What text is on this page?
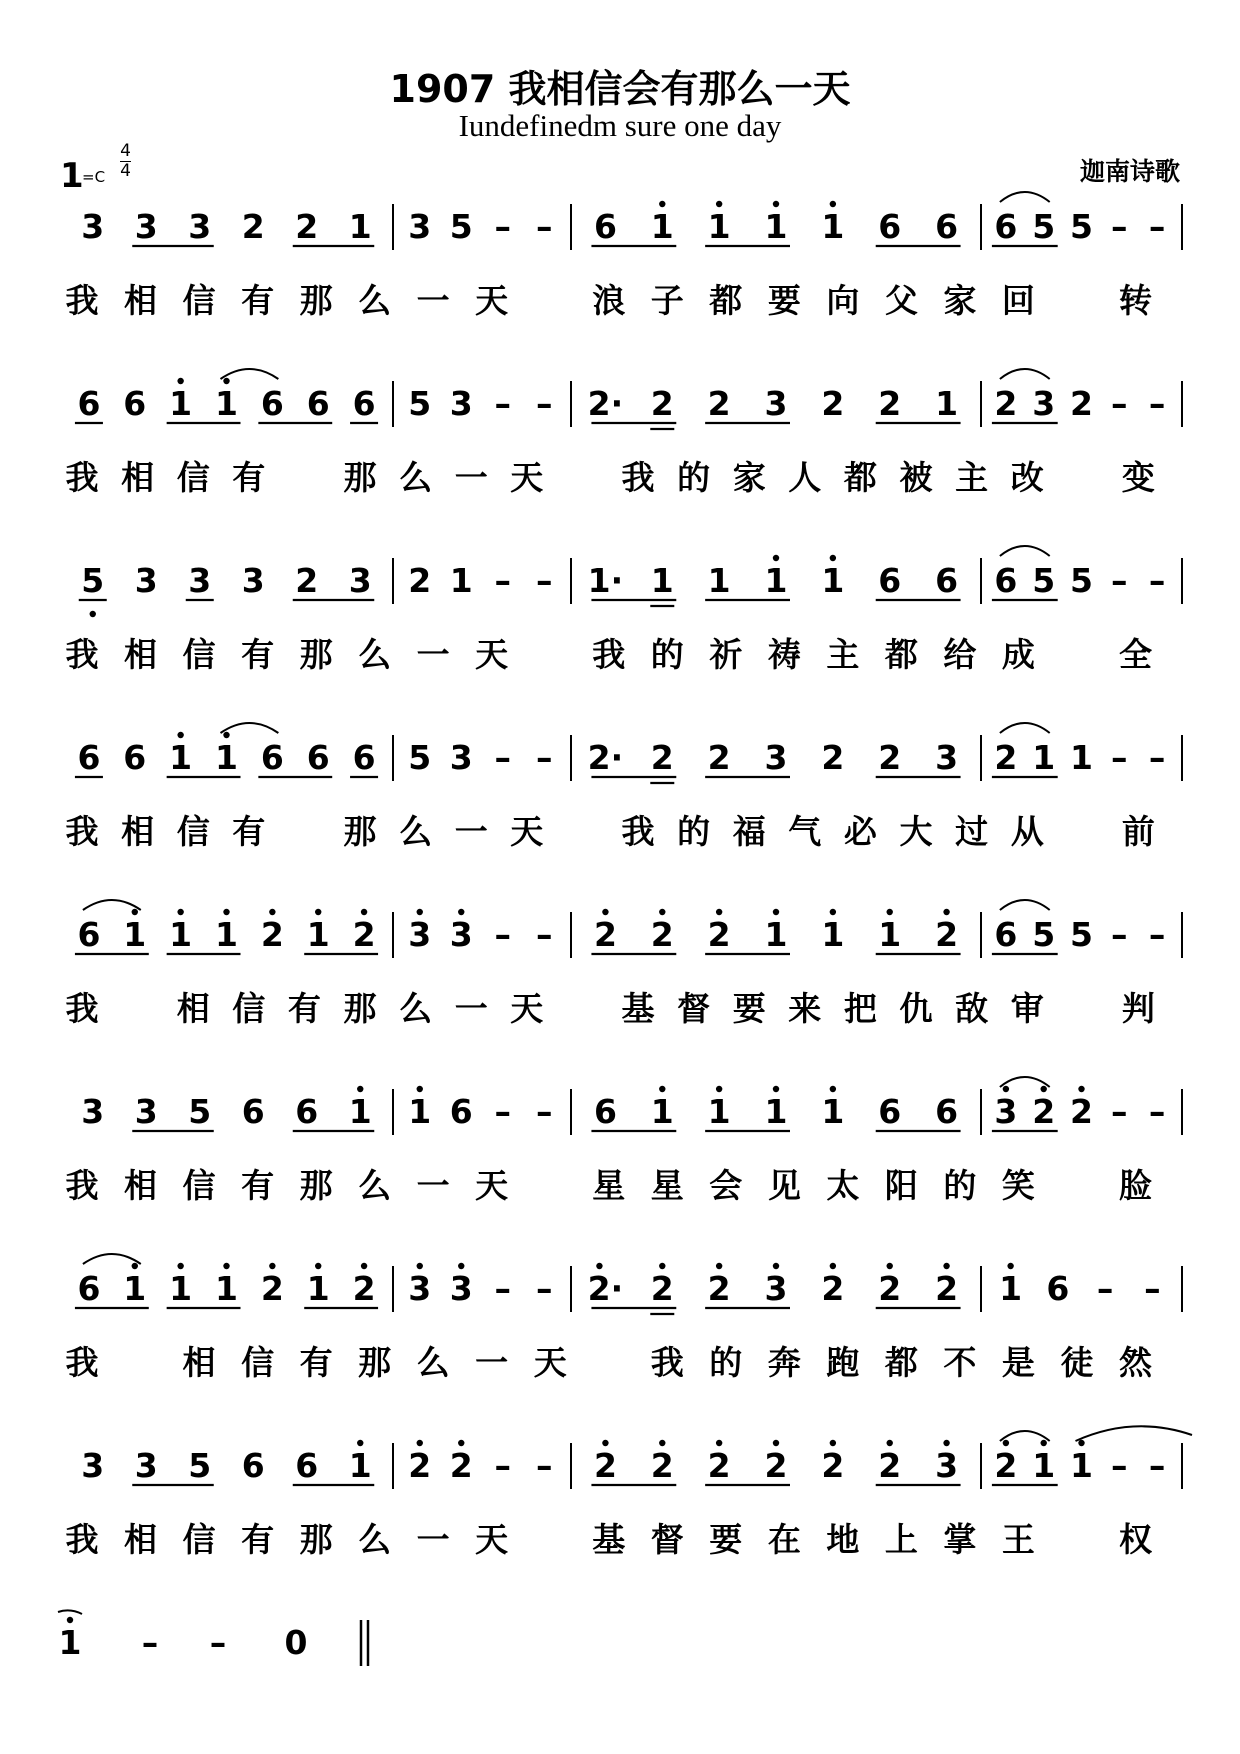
1907 我相信会有那么一天
Iundefinedm sure one day
1
=C
4
4	迦南诗歌
3 3 3 2 2 1 3 5 – – 6 1 1 1 1 6 6 6 5 5 – –
我 相 信 有 那 么 一 天	浪 子 都 要 向 父 家 回	转
6 6 1 1 6 6 6 5 3 – – 2· 2 2 3 2 2 1 2 3 2 – –
我 相 信 有 那 么 一 天 我 的 家 人 都 被 主 改 变
5 3 3 3 2 3 2 1 – – 1· 1 1 1 1 6 6 6 5 5 – –
我 相 信 有 那 么 一 天	我 的 祈 祷 主 都 给 成	全
6 6 1 1 6 6 6 5 3 – – 2· 2 2 3 2 2 3 2 1 1 – –
我 相 信 有 那 么 一 天 我 的 福 气 必 大 过 从 前
6 1 1 1 2 1 2 3 3 – – 2 2 2 1 1 1 2 6 5 5 – –
我 相 信 有 那 么 一 天 基 督 要 来 把 仇 敌 审 判
3 3 5 6 6 1 1 6 – – 6 1 1 1 1 6 6 3 2 2 – –
我 相 信 有 那 么 一 天	星 星 会 见 太 阳 的 笑	脸
6 1 1 1 2 1 2 3 3 – – 2· 2 2 3 2 2 2 1 6 – –
我	相 信 有 那 么 一 天	我 的 奔 跑 都 不 是 徒 然
3 3 5 6 6 1 2 2 – – 2 2 2 2 2 2 3 2 1 1 – –
我 相 信 有 那 么 一 天	基 督 要 在 地 上 掌 王	权
1 – – 0
